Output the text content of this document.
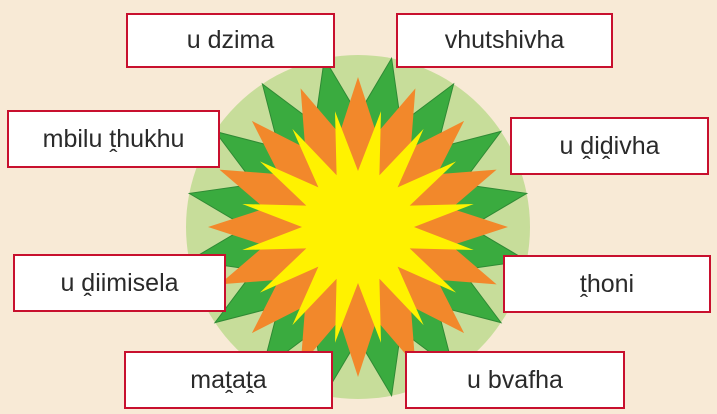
u dzima	vhutshivha
mbilu ṱhukhu	u ḓiḓivha
u ḓiimisela	ṱhoni
maṱaṱa	u bvafha
